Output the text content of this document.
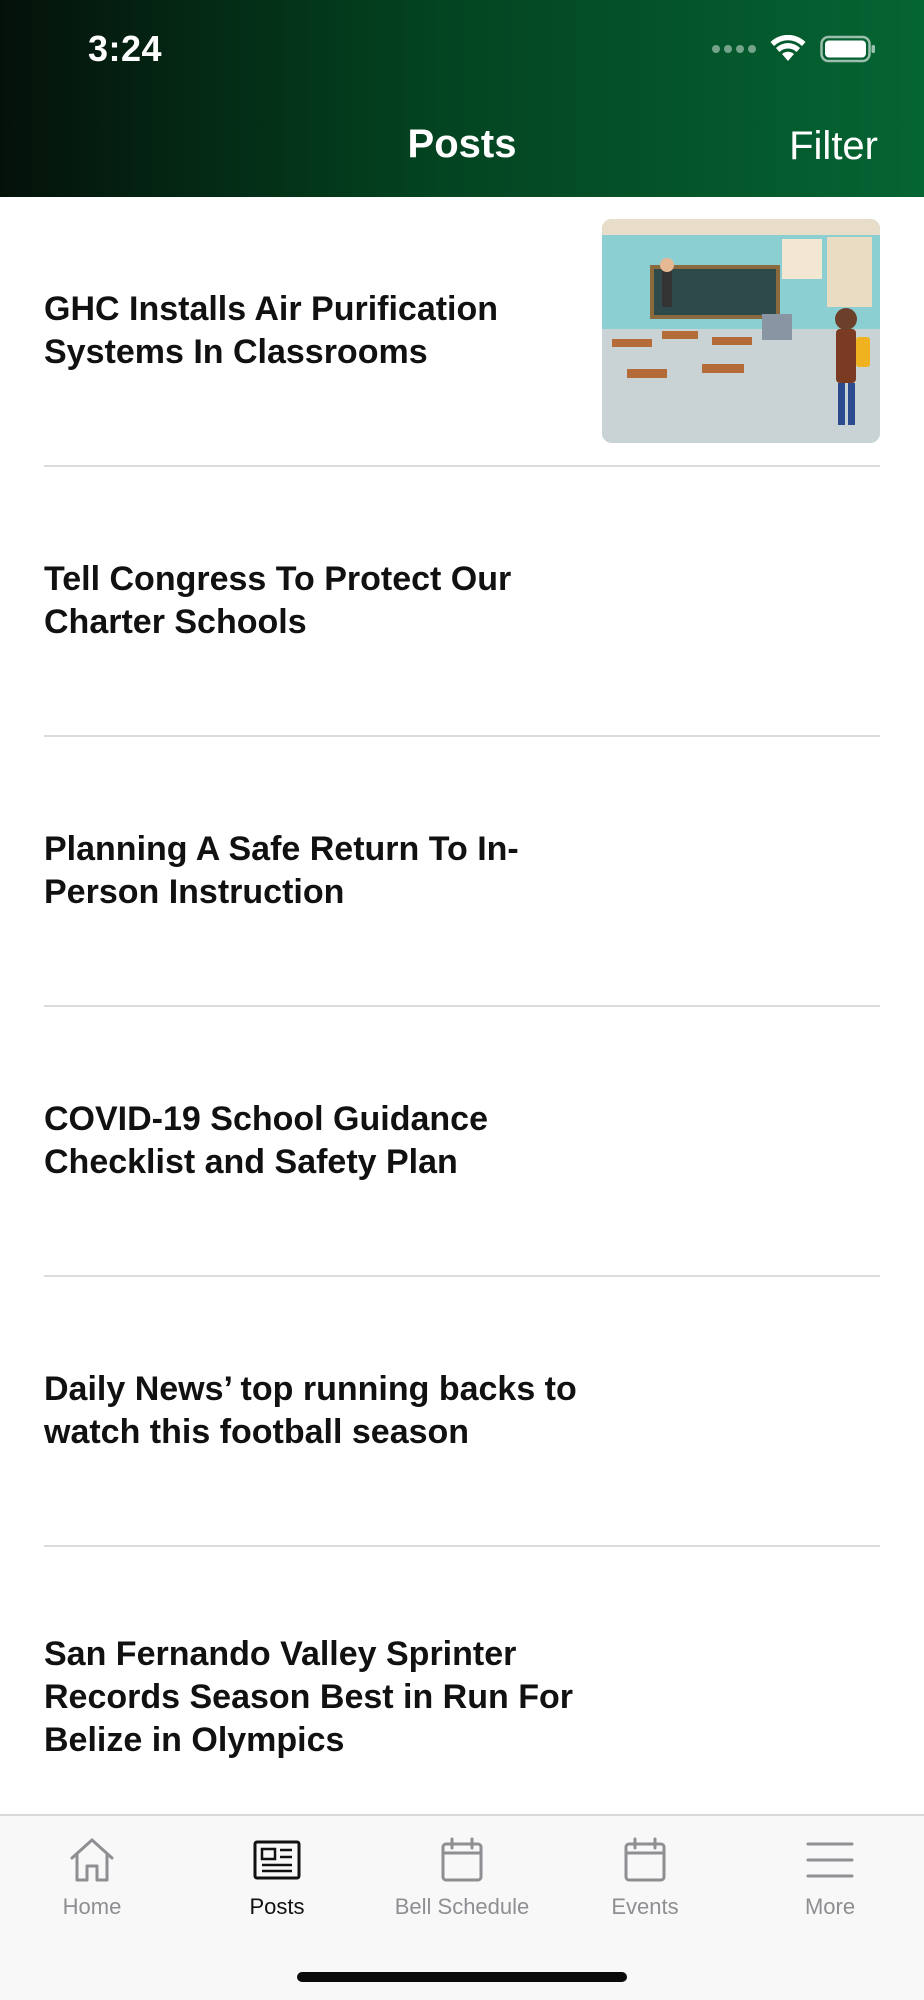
3:24
Posts	Filter
GHC Installs Air Purification Systems In Classrooms
Tell Congress To Protect Our Charter Schools
Planning A Safe Return To In-Person Instruction
COVID-19 School Guidance Checklist and Safety Plan
Daily News’ top running backs to watch this football season
San Fernando Valley Sprinter Records Season Best in Run For Belize in Olympics
Home	Posts	Bell Schedule	Events	More
